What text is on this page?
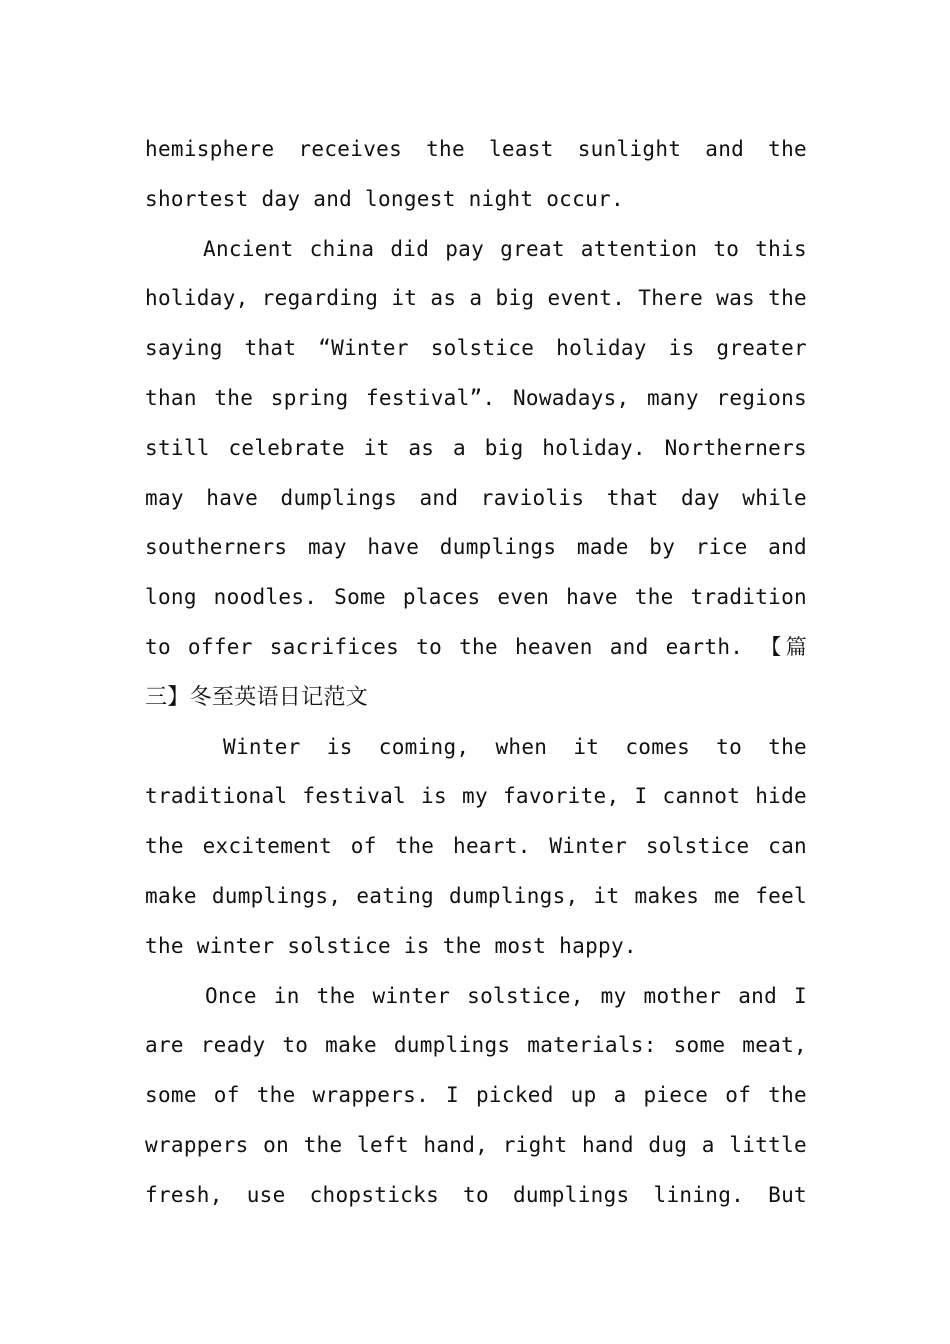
hemisphere receives the least sunlight and the
shortest day and longest night occur.
Ancient china did pay great attention to this
holiday, regarding it as a big event. There was the
saying that “Winter solstice holiday is greater
than the spring festival”. Nowadays, many regions
still celebrate it as a big holiday. Northerners
may have dumplings and raviolis that day while
southerners may have dumplings made by rice and
long noodles. Some places even have the tradition
to offer sacrifices to the heaven and earth. 【篇
三】冬至英语日记范文
Winter is coming, when it comes to the
traditional festival is my favorite, I cannot hide
the excitement of the heart. Winter solstice can
make dumplings, eating dumplings, it makes me feel
the winter solstice is the most happy.
Once in the winter solstice, my mother and I
are ready to make dumplings materials: some meat,
some of the wrappers. I picked up a piece of the
wrappers on the left hand, right hand dug a little
fresh, use chopsticks to dumplings lining. But
